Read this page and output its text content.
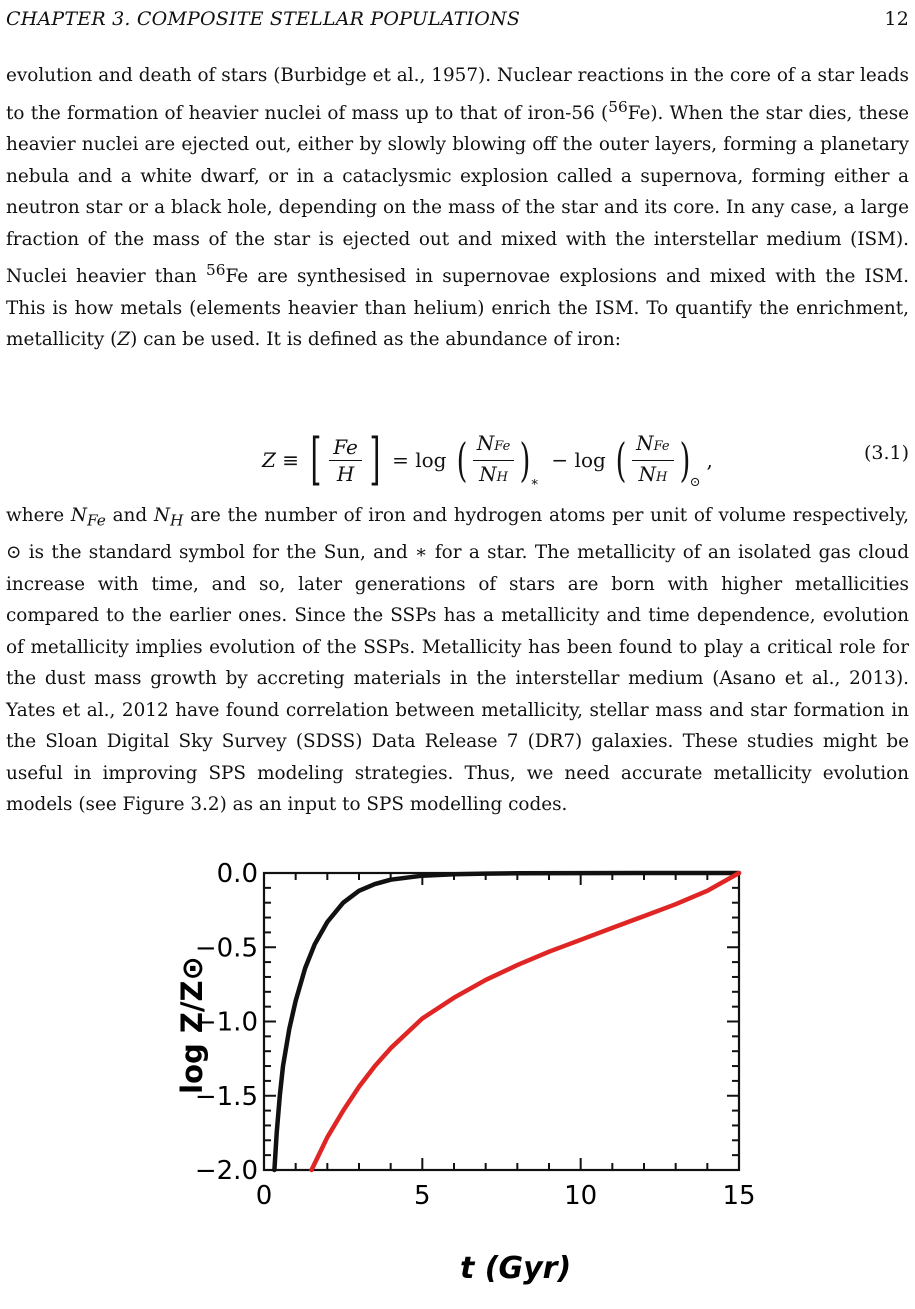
CHAPTER 3. COMPOSITE STELLAR POPULATIONS	12

evolution and death of stars (Burbidge et al., 1957). Nuclear reactions in the core of a star leads to the formation of heavier nuclei of mass up to that of iron-56 ($^{56}$Fe). When the star dies, these heavier nuclei are ejected out, either by slowly blowing off the outer layers, forming a planetary nebula and a white dwarf, or in a cataclysmic explosion called a supernova, forming either a neutron star or a black hole, depending on the mass of the star and its core. In any case, a large fraction of the mass of the star is ejected out and mixed with the interstellar medium (ISM). Nuclei heavier than $^{56}$Fe are synthesised in supernovae explosions and mixed with the ISM. This is how metals (elements heavier than helium) enrich the ISM. To quantify the enrichment, metallicity (Z) can be used. It is defined as the abundance of iron:

Z ≡ [ $\frac{Fe}{H}$ ] = log ( $\frac{\text{NFe}}{NH}$ ) ∗
− log ( $\frac{\text{NFe}}{NH}$ ) ⊙
,	(3.1)

where $N_{Fe}$ and $N_H$ are the number of iron and hydrogen atoms per unit of volume respectively, ⊙ is the standard symbol for the Sun, and ∗ for a star. The metallicity of an isolated gas cloud increase with time, and so, later generations of stars are born with higher metallicities compared to the earlier ones. Since the SSPs has a metallicity and time dependence, evolution of metallicity implies evolution of the SSPs. Metallicity has been found to play a critical role for the dust mass growth by accreting materials in the interstellar medium (Asano et al., 2013). Yates et al., 2012 have found correlation between metallicity, stellar mass and star formation in the Sloan Digital Sky Survey (SDSS) Data Release 7 (DR7) galaxies. These studies might be useful in improving SPS modeling strategies. Thus, we need accurate metallicity evolution models (see Figure 3.2) as an input to SPS modelling codes.

0	5	10	15
0.0
−0.5
−1.0
−1.5
−2.0
t (Gyr)
log Z/Z⊙
